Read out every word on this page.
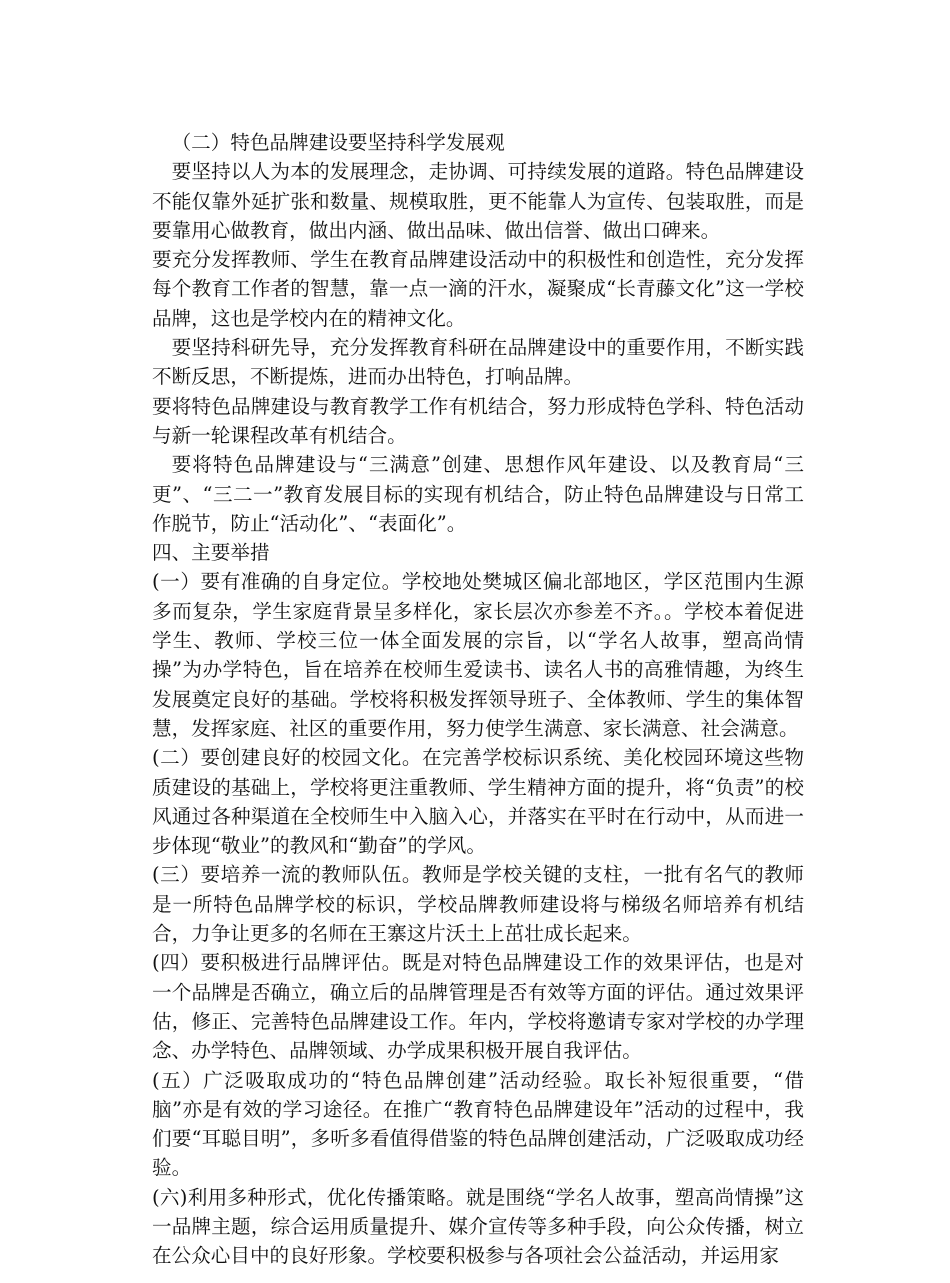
（二）特色品牌建设要坚持科学发展观

要坚持以人为本的发展理念，走协调、可持续发展的道路。特色品牌建设不能仅靠外延扩张和数量、规模取胜，更不能靠人为宣传、包装取胜，而是要靠用心做教育，做出内涵、做出品味、做出信誉、做出口碑来。

要充分发挥教师、学生在教育品牌建设活动中的积极性和创造性，充分发挥每个教育工作者的智慧，靠一点一滴的汗水，凝聚成“长青藤文化”这一学校品牌，这也是学校内在的精神文化。

要坚持科研先导，充分发挥教育科研在品牌建设中的重要作用，不断实践不断反思，不断提炼，进而办出特色，打响品牌。

要将特色品牌建设与教育教学工作有机结合，努力形成特色学科、特色活动与新一轮课程改革有机结合。

要将特色品牌建设与“三满意”创建、思想作风年建设、以及教育局“三更”、“三二一”教育发展目标的实现有机结合，防止特色品牌建设与日常工作脱节，防止“活动化”、“表面化”。

四、主要举措

(一）要有准确的自身定位。学校地处樊城区偏北部地区，学区范围内生源多而复杂，学生家庭背景呈多样化，家长层次亦参差不齐。。学校本着促进学生、教师、学校三位一体全面发展的宗旨，以“学名人故事，塑高尚情操”为办学特色，旨在培养在校师生爱读书、读名人书的高雅情趣，为终生发展奠定良好的基础。学校将积极发挥领导班子、全体教师、学生的集体智慧，发挥家庭、社区的重要作用，努力使学生满意、家长满意、社会满意。

(二）要创建良好的校园文化。在完善学校标识系统、美化校园环境这些物质建设的基础上，学校将更注重教师、学生精神方面的提升，将“负责”的校风通过各种渠道在全校师生中入脑入心，并落实在平时在行动中，从而进一步体现“敬业”的教风和“勤奋”的学风。

(三）要培养一流的教师队伍。教师是学校关键的支柱，一批有名气的教师是一所特色品牌学校的标识，学校品牌教师建设将与梯级名师培养有机结合，力争让更多的名师在王寨这片沃土上茁壮成长起来。

(四）要积极进行品牌评估。既是对特色品牌建设工作的效果评估，也是对一个品牌是否确立，确立后的品牌管理是否有效等方面的评估。通过效果评估，修正、完善特色品牌建设工作。年内，学校将邀请专家对学校的办学理念、办学特色、品牌领域、办学成果积极开展自我评估。

(五）广泛吸取成功的“特色品牌创建”活动经验。取长补短很重要，“借脑”亦是有效的学习途径。在推广“教育特色品牌建设年”活动的过程中，我们要“耳聪目明”，多听多看值得借鉴的特色品牌创建活动，广泛吸取成功经验。

(六)利用多种形式，优化传播策略。就是围绕“学名人故事，塑高尚情操”这一品牌主题，综合运用质量提升、媒介宣传等多种手段，向公众传播，树立在公众心目中的良好形象。学校要积极参与各项社会公益活动，并运用家
